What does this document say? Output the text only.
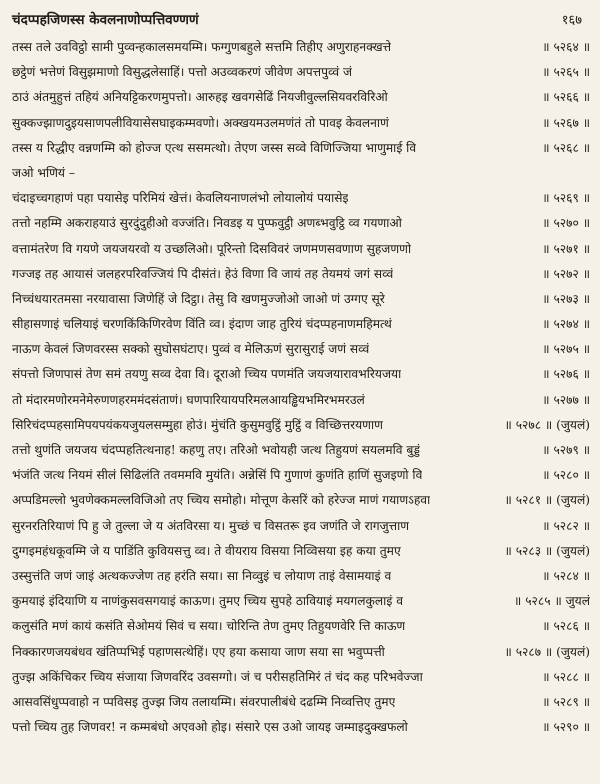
चंदप्पहजिणस्स केवलनाणोप्पत्तिवण्णणं	१६७
तस्स तले उवविट्ठो सामी पुव्वन्हकालसमयम्मि। फग्गुणबहुले सत्तमि तिहीए अणुराहनक्खत्ते	॥ ५२६४ ॥
छट्ठेणं भत्तेणं विसुझमाणो विसुद्धलेसाहिं। पत्तो अउव्वकरणं जीवेण अपत्तपुव्वं जं	॥ ५२६५ ॥
ठाउं अंतमुहुत्तं तहियं अनियट्टिकरणमुपत्तो। आरुहइ खवगसेढिं नियजीवुल्लसियवरविरिओ	॥ ५२६६ ॥
सुक्कज्झाणदुइयसाणपलीवियासेसघाइकम्मवणो। अक्खयमउलमणंतं तो पावइ केवलनाणं	॥ ५२६७ ॥
तस्स य रिद्धीए वन्नणम्मि को होज्ज एत्थ ससमत्थो। तेएण जस्स सव्वे विणिज्जिया भाणुमाई वि	॥ ५२६८ ॥
जओ भणियं –
चंदाइच्चगहाणं पहा पयासेइ परिमियं खेत्तं। केवलियनाणलंभो लोयालोयं पयासेइ	॥ ५२६९ ॥
तत्तो नहम्मि अकराहयाउं सुरदुंदुहीओ वज्जंति। निवडइ य पुप्फवुट्ठी अणब्भवुट्ठि व्व गयणाओ	॥ ५२७० ॥
वत्तामंतरेण वि गयणे जयजयरवो य उच्छलिओ। पूरिन्तो दिसविवरं जणमणसवणाण सुहजणणो	॥ ५२७१ ॥
गज्जइ तह आयासं जलहरपरिवज्जियं पि दीसंतं। हेउं विणा वि जायं तह तेयमयं जगं सव्वं	॥ ५२७२ ॥
निच्चंधयारतमसा नरयावासा जिणेहिं जे दिट्ठा। तेसु वि खणमुज्जोओ जाओ णं उग्गए सूरे	॥ ५२७३ ॥
सीहासणाइं चलियाइं चरणकिंकिणिरवेण विंति व्व। इंदाण जाह तुरियं चंदप्पहनाणमहिमत्थं	॥ ५२७४ ॥
नाऊण केवलं जिणवरस्स सक्को सुघोसघंटाए। पुव्वं व मेलिऊणं सुरासुराई जणं सव्वं	॥ ५२७५ ॥
संपत्तो जिणपासं तेण समं तयणु सव्व देवा वि। दूराओ च्चिय पणमंति जयजयारावभरियजया	॥ ५२७६ ॥
तो मंदारमणोरमनेमेरुणणहरममंदसंताणं। घणपारियायपरिमलआयड्ढियभमिरभमरउलं	॥ ५२७७ ॥
सिरिचंदप्पहसामिपयपयंकयजुयलसम्मुहा होउं। मुंचंति कुसुमवुट्ठिं मुट्ठिं व विच्छित्तरयणाण	॥ ५२७८ ॥ (जुयलं)
तत्तो थुणंति जयजय चंदप्पहतित्थनाह! कहणु तए। तरिओ भवोयही जत्थ तिहुयणं सयलमवि बुड्डं	॥ ५२७९ ॥
भंजंति जत्थ नियमं सीलं सिढिलंति तवममवि मुयंति। अन्नेसिं पि गुणाणं कुणंति हाणिं सुजइणो वि	॥ ५२८० ॥
अप्पडिमल्लो भुवणेक्कमल्लविजिओ तए च्चिय समोहो। मोत्तूण केसरिं को हरेज्ज माणं गयाणऽहवा	॥ ५२८१ ॥ (जुयलं)
सुरनरतिरियाणं पि हु जे तुल्ला जे य अंतविरसा य। मुच्छं च विसतरू इव जणंति जे रागजुत्ताण	॥ ५२८२ ॥
दुग्गइमहंधकूवम्मि जे य पाडिंति कुवियसत्तु व्व। ते वीयराय विसया निव्विसया इह कया तुमए	॥ ५२८३ ॥ (जुयलं)
उस्सुत्तंति जणं जाइं अत्थकज्जेण तह हरंति सया। सा निव्वुइं च लोयाण ताइं वेसामयाइं व	॥ ५२८४ ॥
कुमयाइं इंदियाणि य नाणंकुसवसगयाइं काऊण। तुमए च्चिय सुपहे ठावियाइं मयगलकुलाइं व	॥ ५२८५ ॥ जुयलं
कलुसंति मणं कायं कसंति सेओमयं सिवं च सया। चोरिन्ति तेण तुमए तिहुयणवेरि त्ति काऊण	॥ ५२८६ ॥
निक्कारणजयबंधव खंतिप्पभिई पहाणसत्थेहिं। एए हया कसाया जाण सया सा भवुप्पत्ती	॥ ५२८७ ॥ (जुयलं)
तुज्झ अकिंचिकर च्चिय संजाया जिणवरिंद उवसग्गो। जं च परीसहतिमिरं तं चंद कह परिभवेज्जा	॥ ५२८८ ॥
आसवसिंधुप्पवाहो न प्पविसइ तुज्झ जिय तलायम्मि। संवरपालीबंधे दढम्मि निव्वत्तिए तुमए	॥ ५२८९ ॥
पत्तो च्चिय तुह जिणवर! न कम्मबंधो अएवओ होइ। संसारे एस उओ जायइ जम्माइदुक्खफलो	॥ ५२९० ॥
